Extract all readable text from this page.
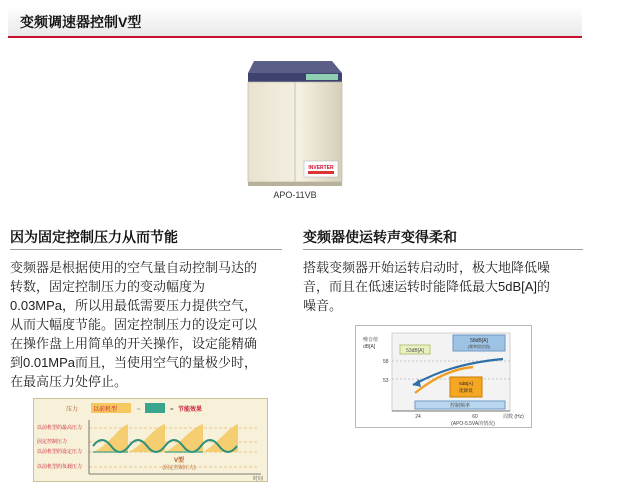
变频调速器控制V型
INVERTER
APO-11VB
因为固定控制压力从而节能
变频器是根据使用的空气量自动控制马达的
转数，固定控制压力的变动幅度为
0.03MPa，所以用最低需要压力提供空气，
从而大幅度节能。固定控制压力的设定可以
在操作盘上用简单的开关操作，设定能精确
到0.01MPa而且，当使用空气的量极少时，
在最高压力处停止。
压力	以前机型	~	= 节能效果
以前机型的最高压力
固定控制压力
以前机型的设定压力
以前机型的负载压力
V型
(固定控制压力)
时间
变频器使运转声变得柔和
搭载变频器开始运转启动时，极大地降低噪
音，而且在低速运转时能降低最大5dB[A]的
噪音。
噪音值
dB[A]
58
53
53dB[A]
58dB[A]
(频率固定值)
5dB[A]
能降低
控制频率
24	60	周数 (Hz)
(APO-5.5VA的情况)
